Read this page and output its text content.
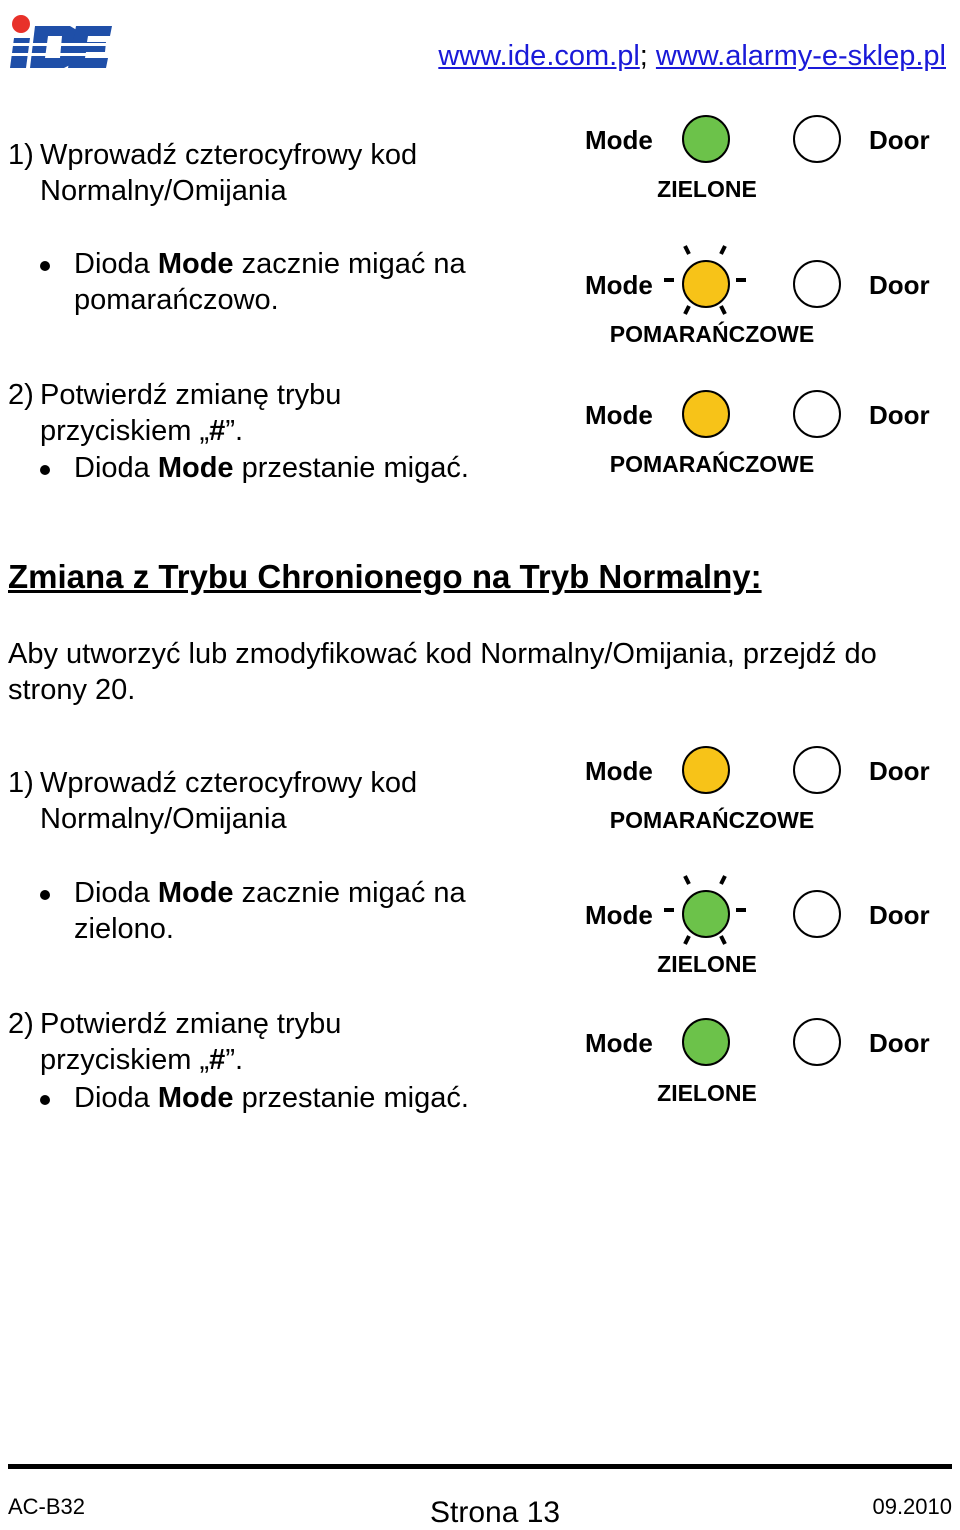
www.ide.com.pl; www.alarmy-e-sklep.pl
1) Wprowadź czterocyfrowy kod
Normalny/Omijania
Dioda Mode zacznie migać na
pomarańczowo.
2) Potwierdź zmianę trybu
przyciskiem „#”.
Dioda Mode przestanie migać.
Mode	Door
ZIELONE
Mode	Door
POMARAŃCZOWE
Mode	Door
POMARAŃCZOWE
Zmiana z Trybu Chronionego na Tryb Normalny:
Aby utworzyć lub zmodyfikować kod Normalny/Omijania, przejdź do
strony 20.
1) Wprowadź czterocyfrowy kod
Normalny/Omijania
Dioda Mode zacznie migać na
zielono.
2) Potwierdź zmianę trybu
przyciskiem „#”.
Dioda Mode przestanie migać.
Mode	Door
POMARAŃCZOWE
Mode	Door
ZIELONE
Mode	Door
ZIELONE
AC-B32	Strona 13	09.2010
